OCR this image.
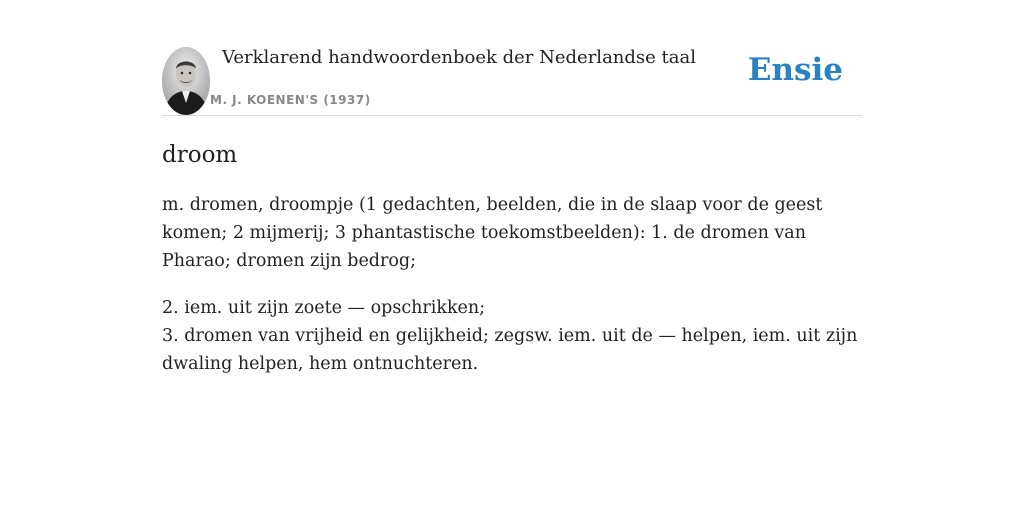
Verklarend handwoordenboek der Nederlandse taal
M. J. KOENEN'S (1937)
Ensie
droom

m. dromen, droompje (1 gedachten, beelden, die in de slaap voor de geest komen; 2 mijmerij; 3 phantastische toekomstbeelden): 1. de dromen van Pharao; dromen zijn bedrog;

2. iem. uit zijn zoete — opschrikken;
3. dromen van vrijheid en gelijkheid; zegsw. iem. uit de — helpen, iem. uit zijn dwaling helpen, hem ontnuchteren.
